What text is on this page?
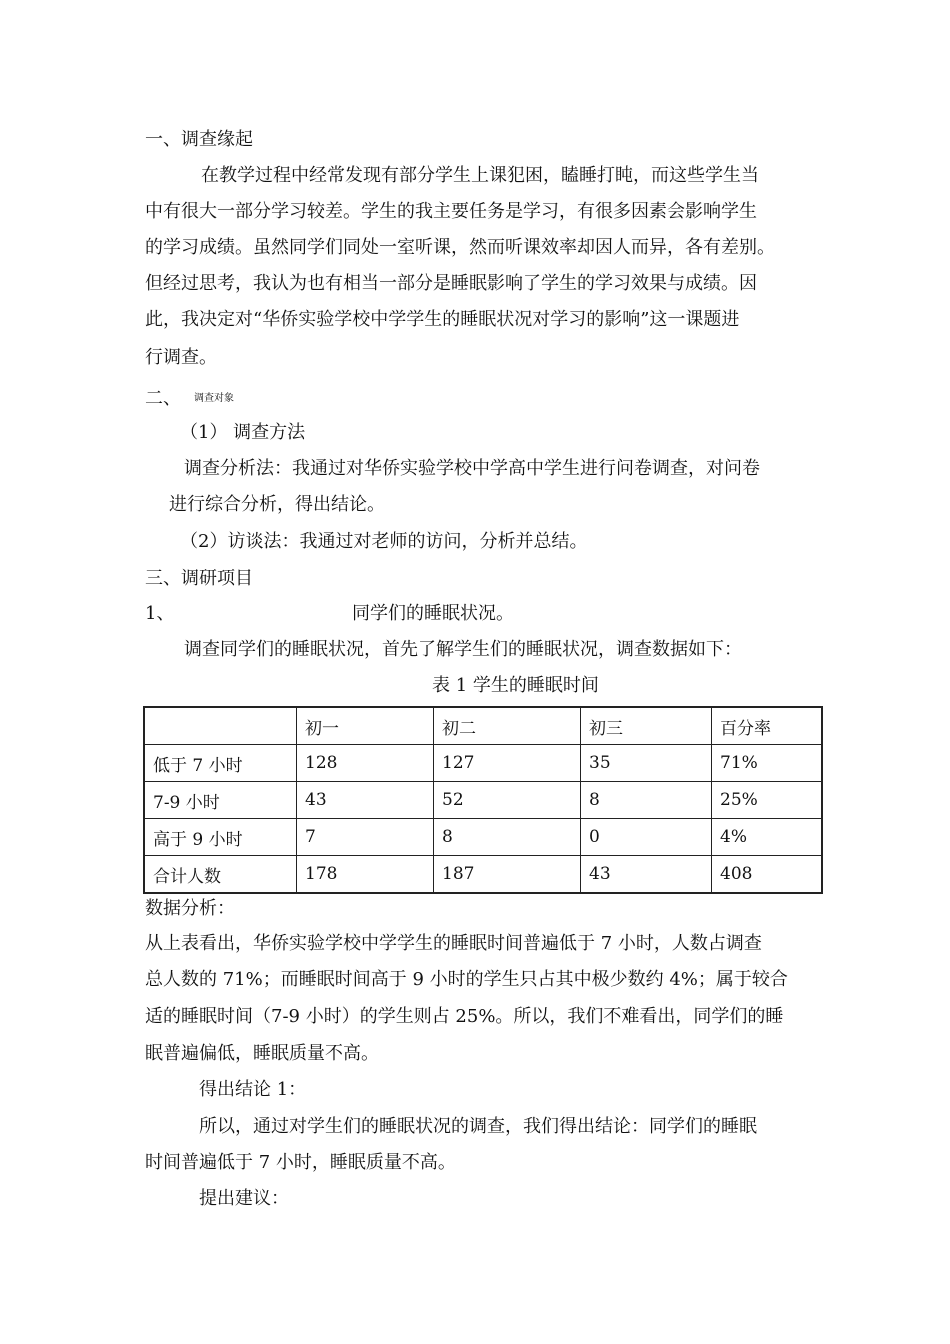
一、调查缘起
在教学过程中经常发现有部分学生上课犯困，瞌睡打盹，而这些学生当
中有很大一部分学习较差。学生的我主要任务是学习，有很多因素会影响学生
的学习成绩。虽然同学们同处一室听课，然而听课效率却因人而异，各有差别。
但经过思考，我认为也有相当一部分是睡眠影响了学生的学习效果与成绩。因
此，我决定对“华侨实验学校中学学生的睡眠状况对学习的影响”这一课题进
行调查。
二、 调查对象
（1） 调查方法
调查分析法：我通过对华侨实验学校中学高中学生进行问卷调查，对问卷
进行综合分析，得出结论。
（2）访谈法：我通过对老师的访问，分析并总结。
三、调研项目
1、	同学们的睡眠状况。
调查同学们的睡眠状况，首先了解学生们的睡眠状况，调查数据如下：
表 1 学生的睡眠时间
	初一	初二	初三	百分率
低于 7 小时	128	127	35	71%
7-9 小时	43	52	8	25%
高于 9 小时	7	8	0	4%
合计人数	178	187	43	408
数据分析：
从上表看出，华侨实验学校中学学生的睡眠时间普遍低于 7 小时，人数占调查
总人数的 71%；而睡眠时间高于 9 小时的学生只占其中极少数约 4%；属于较合
适的睡眠时间（7-9 小时）的学生则占 25%。所以，我们不难看出，同学们的睡
眠普遍偏低，睡眠质量不高。
得出结论 1：
所以，通过对学生们的睡眠状况的调查，我们得出结论：同学们的睡眠
时间普遍低于 7 小时，睡眠质量不高。
提出建议：
